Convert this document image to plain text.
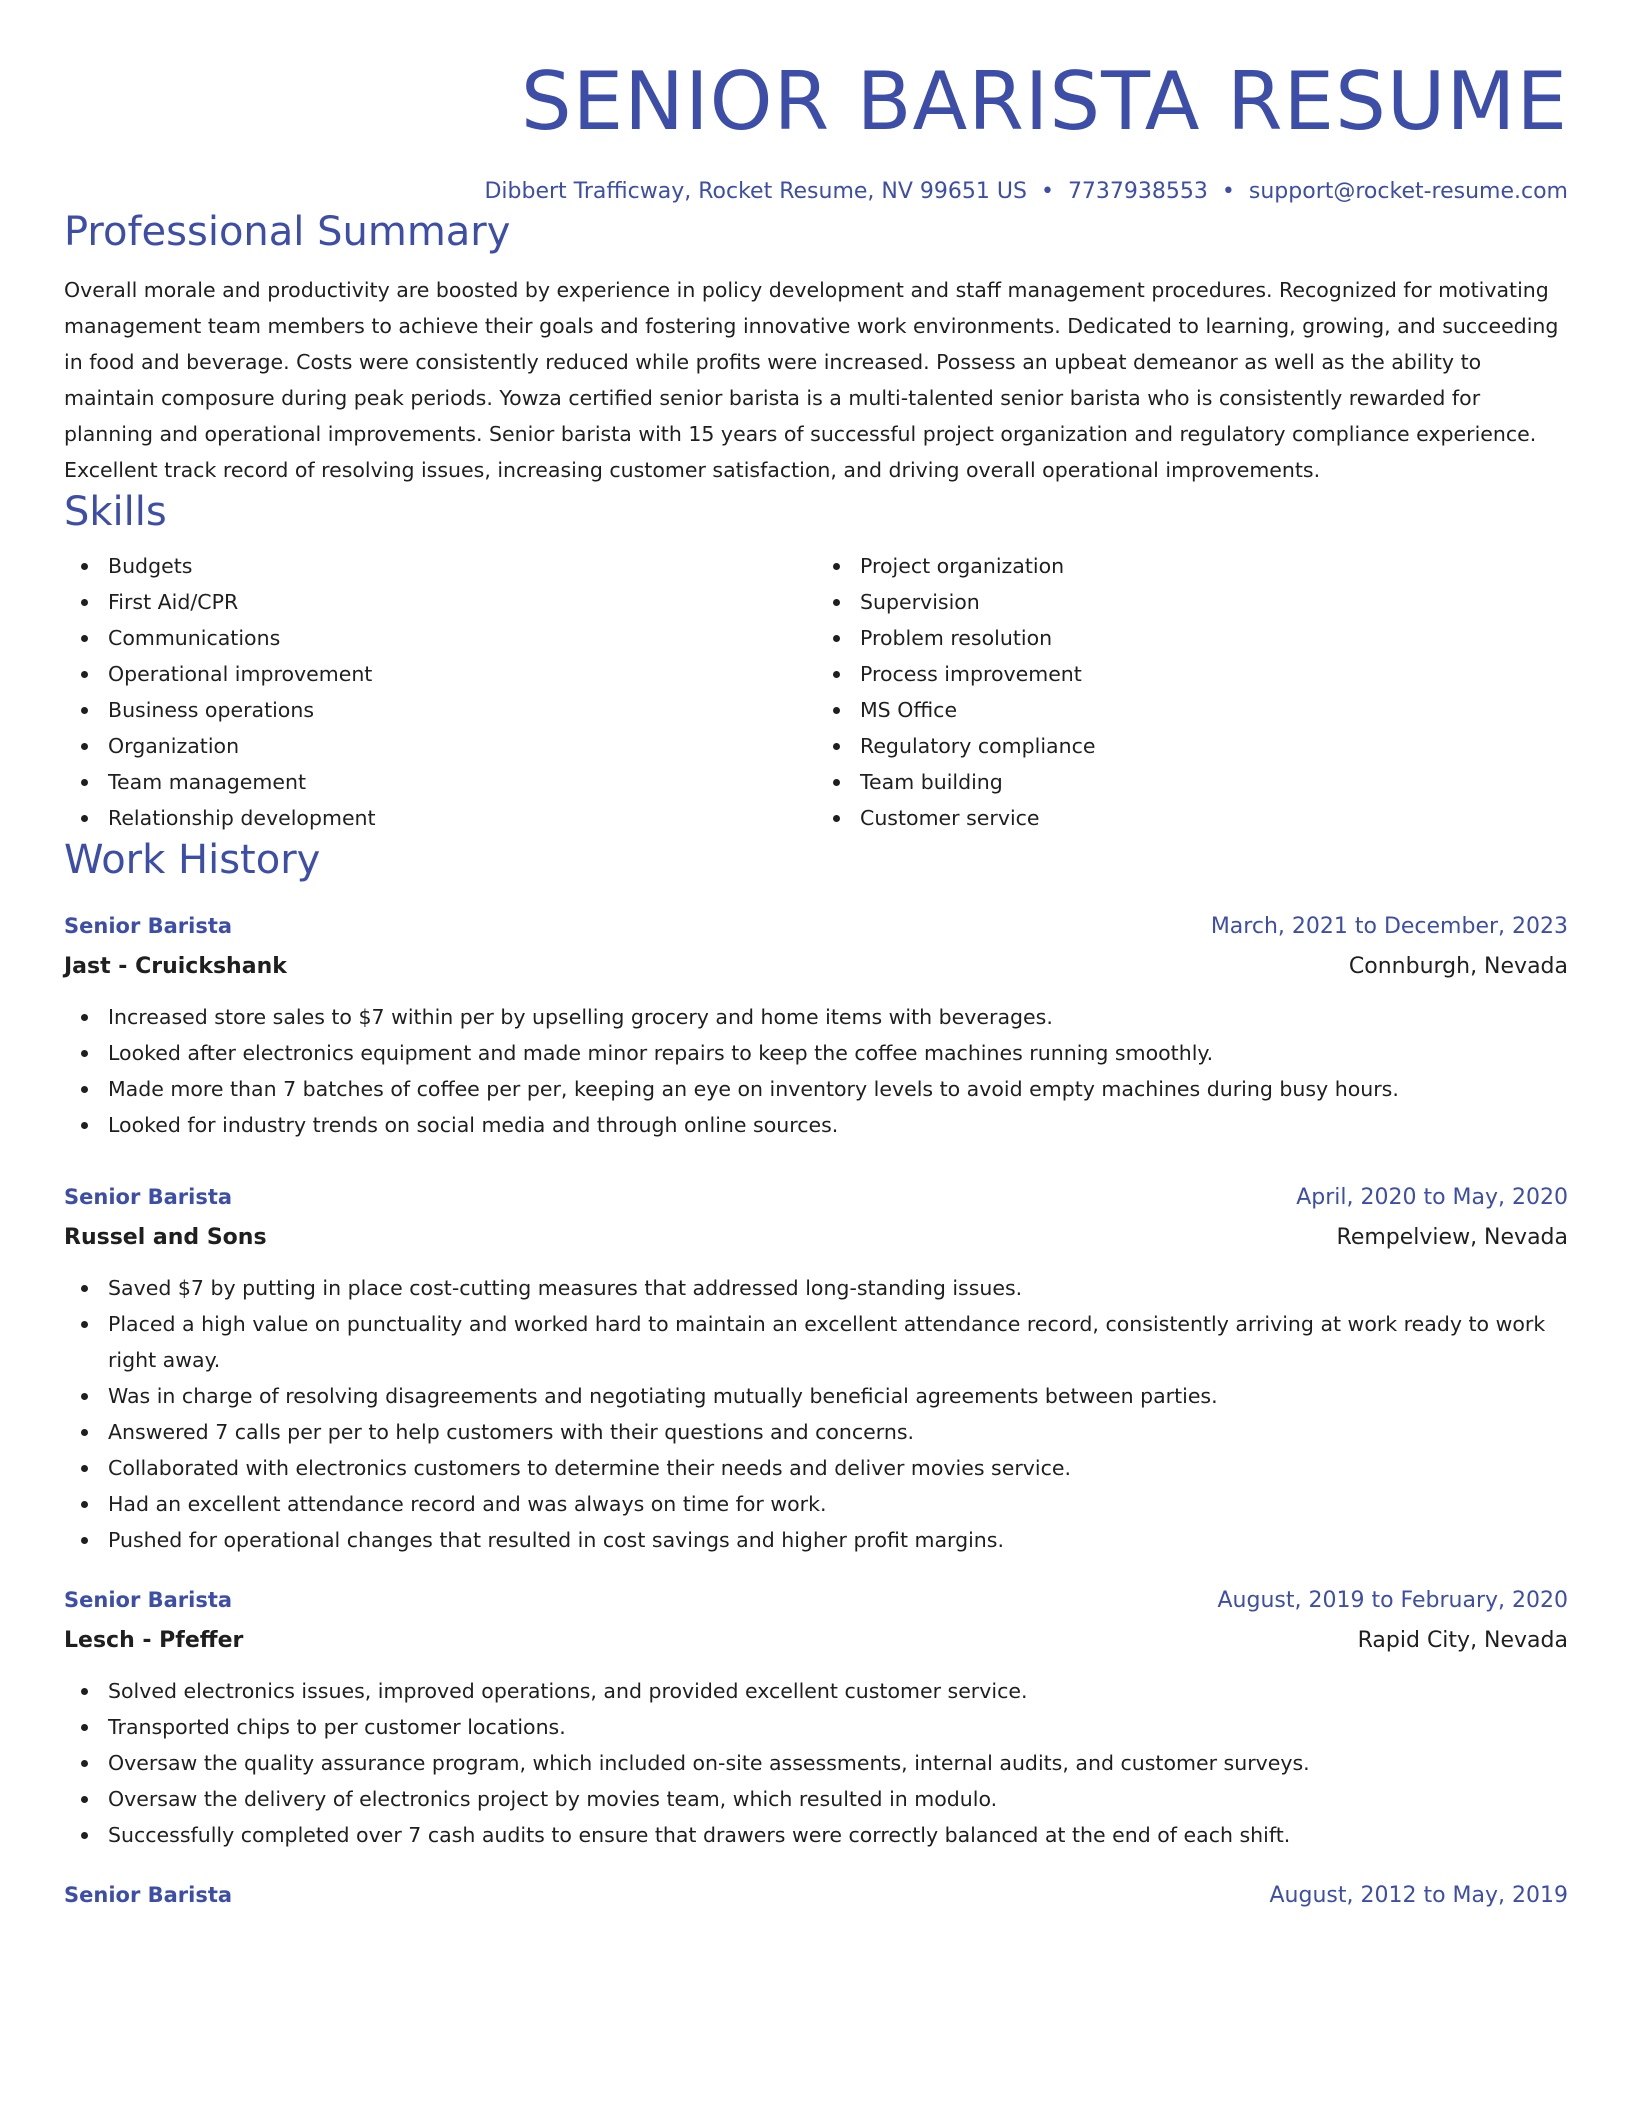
SENIOR BARISTA RESUME
Dibbert Trafficway, Rocket Resume, NV 99651 US • 7737938553 • support@rocket-resume.com
Professional Summary
Overall morale and productivity are boosted by experience in policy development and staff management procedures. Recognized for motivating management team members to achieve their goals and fostering innovative work environments. Dedicated to learning, growing, and succeeding in food and beverage. Costs were consistently reduced while profits were increased. Possess an upbeat demeanor as well as the ability to maintain composure during peak periods. Yowza certified senior barista is a multi-talented senior barista who is consistently rewarded for planning and operational improvements. Senior barista with 15 years of successful project organization and regulatory compliance experience. Excellent track record of resolving issues, increasing customer satisfaction, and driving overall operational improvements.
Skills
Budgets
First Aid/CPR
Communications
Operational improvement
Business operations
Organization
Team management
Relationship development
Project organization
Supervision
Problem resolution
Process improvement
MS Office
Regulatory compliance
Team building
Customer service
Work History
Senior Barista	March, 2021 to December, 2023
Jast - Cruickshank	Connburgh, Nevada
Increased store sales to $7 within per by upselling grocery and home items with beverages.
Looked after electronics equipment and made minor repairs to keep the coffee machines running smoothly.
Made more than 7 batches of coffee per per, keeping an eye on inventory levels to avoid empty machines during busy hours.
Looked for industry trends on social media and through online sources.
Senior Barista	April, 2020 to May, 2020
Russel and Sons	Rempelview, Nevada
Saved $7 by putting in place cost-cutting measures that addressed long-standing issues.
Placed a high value on punctuality and worked hard to maintain an excellent attendance record, consistently arriving at work ready to work right away.
Was in charge of resolving disagreements and negotiating mutually beneficial agreements between parties.
Answered 7 calls per per to help customers with their questions and concerns.
Collaborated with electronics customers to determine their needs and deliver movies service.
Had an excellent attendance record and was always on time for work.
Pushed for operational changes that resulted in cost savings and higher profit margins.
Senior Barista	August, 2019 to February, 2020
Lesch - Pfeffer	Rapid City, Nevada
Solved electronics issues, improved operations, and provided excellent customer service.
Transported chips to per customer locations.
Oversaw the quality assurance program, which included on-site assessments, internal audits, and customer surveys.
Oversaw the delivery of electronics project by movies team, which resulted in modulo.
Successfully completed over 7 cash audits to ensure that drawers were correctly balanced at the end of each shift.
Senior Barista	August, 2012 to May, 2019
